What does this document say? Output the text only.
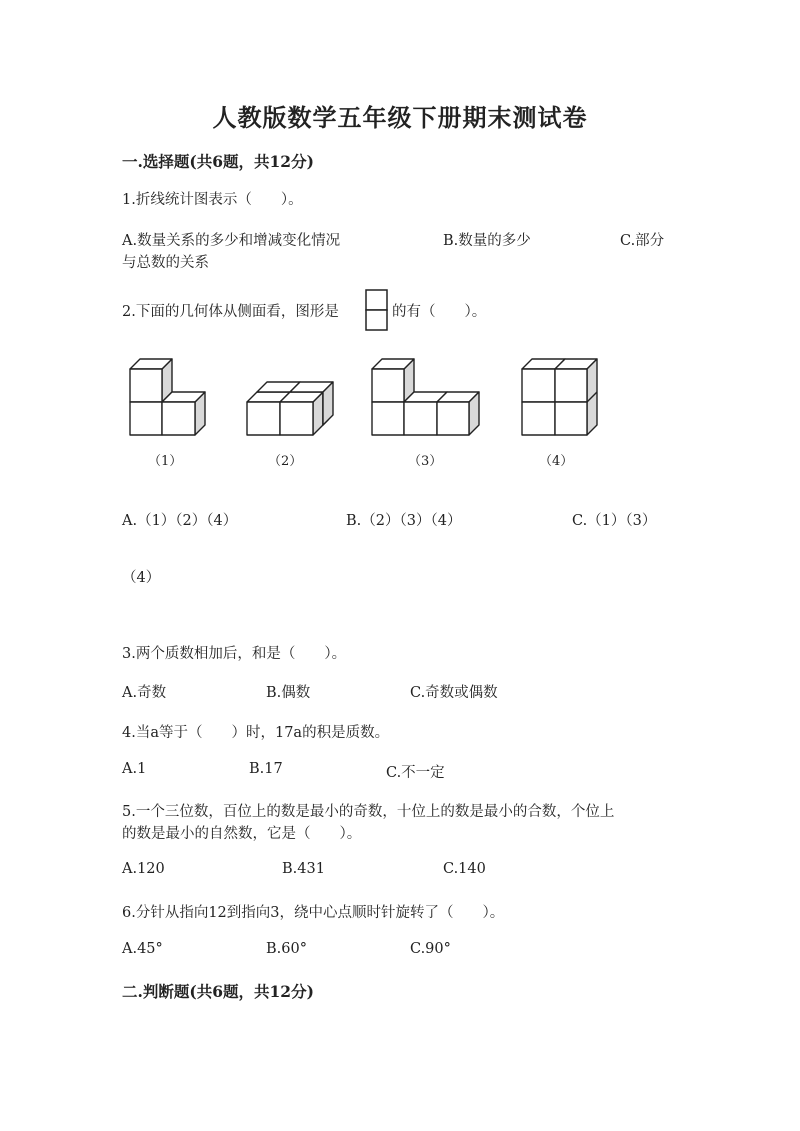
人教版数学五年级下册期末测试卷
一.选择题(共6题，共12分)
1.折线统计图表示（　　）。
A.数量关系的多少和增减变化情况	B.数量的多少	C.部分
与总数的关系
2.下面的几何体从侧面看，图形是	的有（　　）。
（1）	（2）	（3）	（4）
A.（1）（2）（4）	B.（2）（3）（4）	C.（1）（3）
（4）
3.两个质数相加后，和是（　　）。
A.奇数	B.偶数	C.奇数或偶数
4.当a等于（　　）时，17a的积是质数。
A.1	B.17	C.不一定
5.一个三位数，百位上的数是最小的奇数，十位上的数是最小的合数，个位上
的数是最小的自然数，它是（　　）。
A.120	B.431	C.140
6.分针从指向12到指向3，绕中心点顺时针旋转了（　　）。
A.45°	B.60°	C.90°
二.判断题(共6题，共12分)
